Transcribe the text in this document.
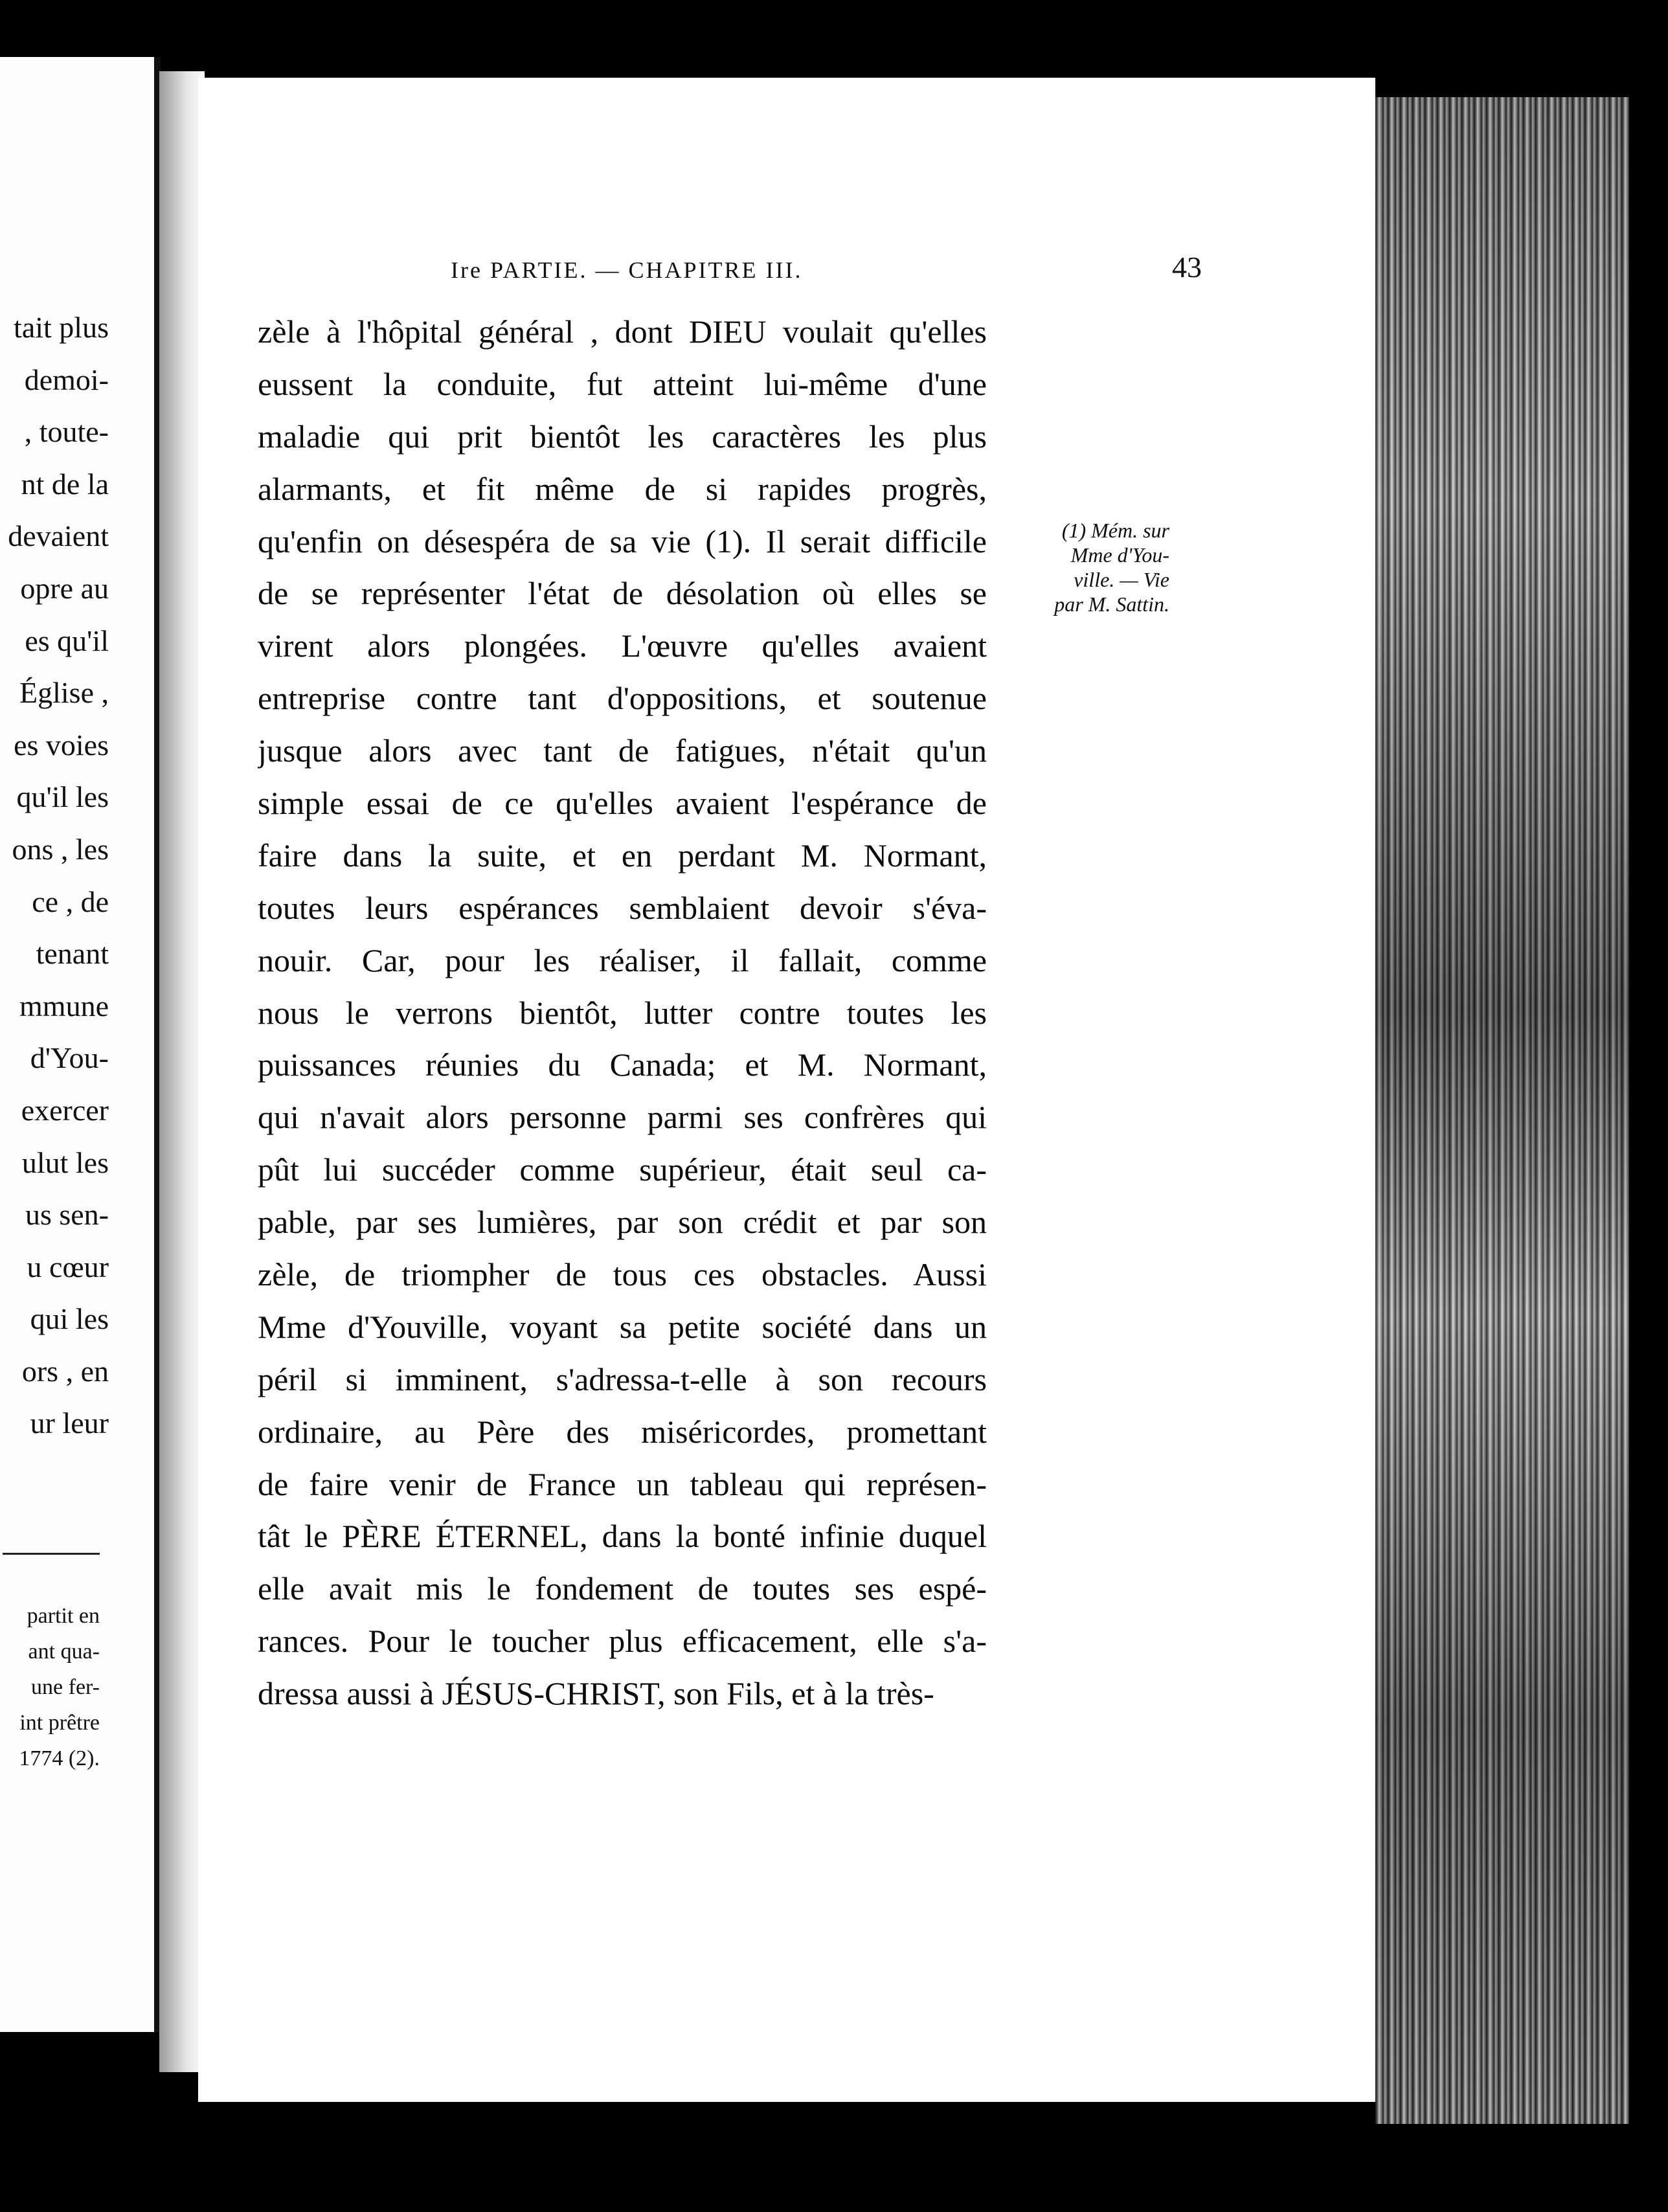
tait plus
demoi-
, toute-
nt de la
devaient
opre au
es qu'il
Église ,
es voies
qu'il les
ons , les
ce , de
tenant
mmune
d'You-
exercer
ulut les
us sen-
u cœur
qui les
ors , en
ur leur
partit en
ant qua-
une fer-
int prêtre
1774 (2).
Ire PARTIE. — CHAPITRE III.	43
zèle à l'hôpital général , dont DIEU voulait qu'elles
eussent la conduite, fut atteint lui-même d'une
maladie qui prit bientôt les caractères les plus
alarmants, et fit même de si rapides progrès,
qu'enfin on désespéra de sa vie (1). Il serait difficile
de se représenter l'état de désolation où elles se
virent alors plongées. L'œuvre qu'elles avaient
entreprise contre tant d'oppositions, et soutenue
jusque alors avec tant de fatigues, n'était qu'un
simple essai de ce qu'elles avaient l'espérance de
faire dans la suite, et en perdant M. Normant,
toutes leurs espérances semblaient devoir s'éva-
nouir. Car, pour les réaliser, il fallait, comme
nous le verrons bientôt, lutter contre toutes les
puissances réunies du Canada; et M. Normant,
qui n'avait alors personne parmi ses confrères qui
pût lui succéder comme supérieur, était seul ca-
pable, par ses lumières, par son crédit et par son
zèle, de triompher de tous ces obstacles. Aussi
Mme d'Youville, voyant sa petite société dans un
péril si imminent, s'adressa-t-elle à son recours
ordinaire, au Père des miséricordes, promettant
de faire venir de France un tableau qui représen-
tât le PÈRE ÉTERNEL, dans la bonté infinie duquel
elle avait mis le fondement de toutes ses espé-
rances. Pour le toucher plus efficacement, elle s'a-
dressa aussi à JÉSUS-CHRIST, son Fils, et à la très-
(1) Mém. sur
Mme d'You-
ville. — Vie
par M. Sattin.
